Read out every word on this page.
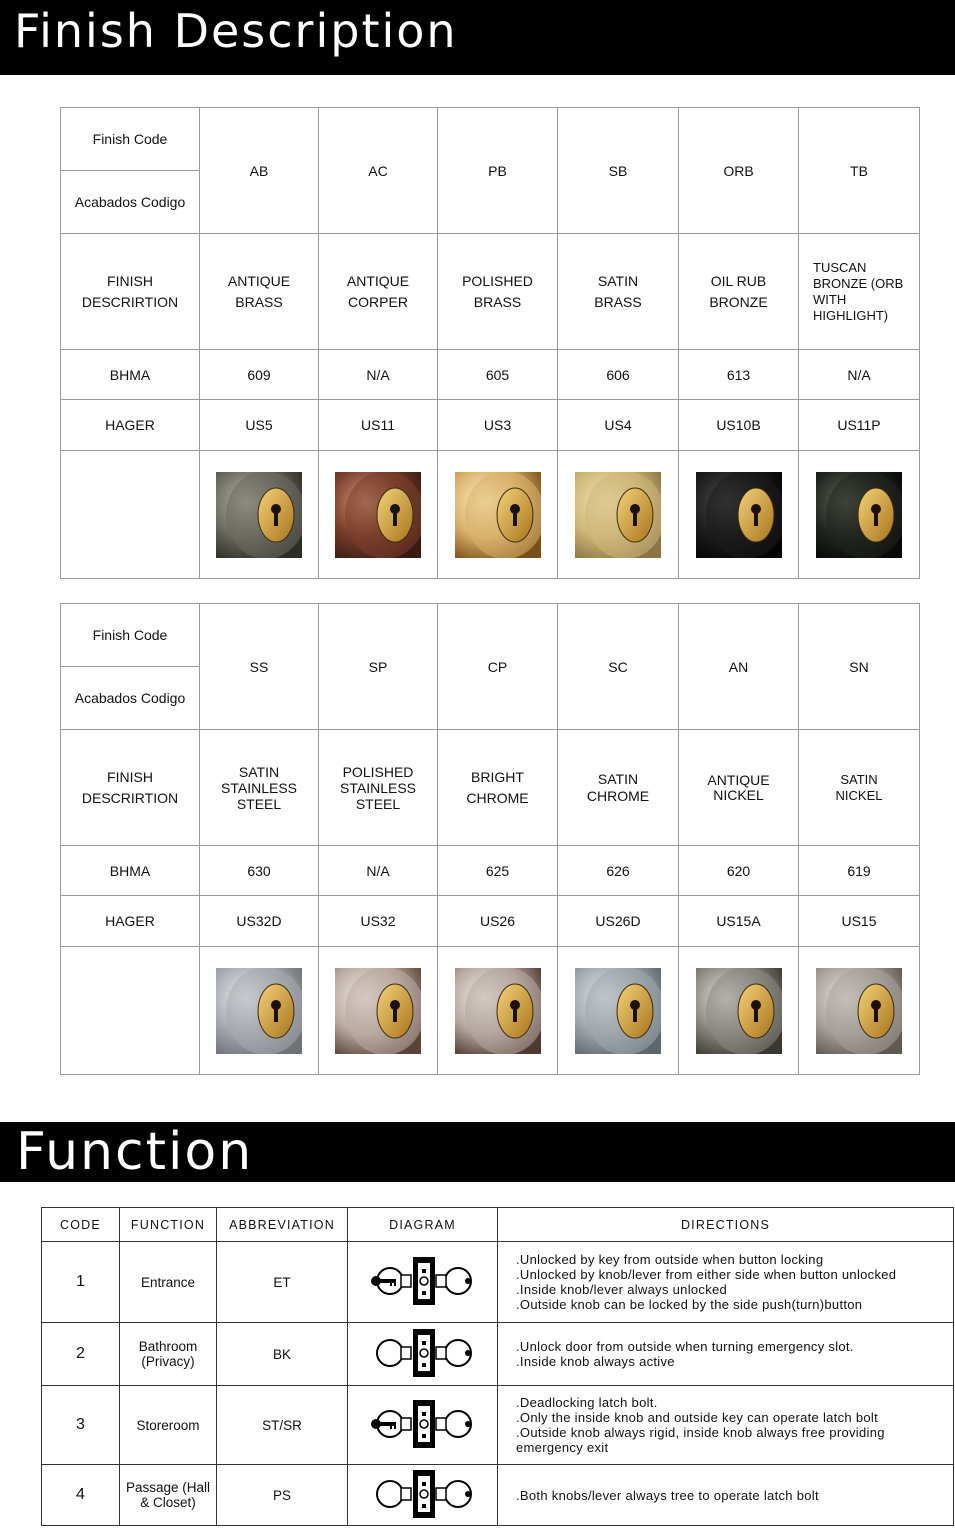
Finish Description
Finish Code
Acabados Codigo	AB	AC	PB	SB	ORB	TB
FINISH DESCRIRTION	ANTIQUE BRASS	ANTIQUE CORPER	POLISHED BRASS	SATIN BRASS	OIL RUB BRONZE	TUSCAN BRONZE (ORB WITH HIGHLIGHT)
BHMA	609	N/A	605	606	613	N/A
HAGER	US5	US11	US3	US4	US10B	US11P

Finish Code
Acabados Codigo	SS	SP	CP	SC	AN	SN
FINISH DESCRIRTION	SATIN STAINLESS STEEL	POLISHED STAINLESS STEEL	BRIGHT CHROME	SATIN CHROME	ANTIQUE NICKEL	SATIN NICKEL
BHMA	630	N/A	625	626	620	619
HAGER	US32D	US32	US26	US26D	US15A	US15

Function
CODE	FUNCTION	ABBREVIATION	DIAGRAM	DIRECTIONS
1	Entrance	ET		.Unlocked by key from outside when button locking
.Unlocked by knob/lever from either side when button unlocked
.Inside knob/lever always unlocked
.Outside knob can be locked by the side push(turn)button

2	Bathroom (Privacy)	BK		.Unlock door from outside when turning emergency slot.
.Inside knob always active

3	Storeroom	ST/SR		.Deadlocking latch bolt.
.Only the inside knob and outside key can operate latch bolt
.Outside knob always rigid, inside knob always free providing
emergency exit

4	Passage (Hall & Closet)	PS		.Both knobs/lever always tree to operate latch bolt
